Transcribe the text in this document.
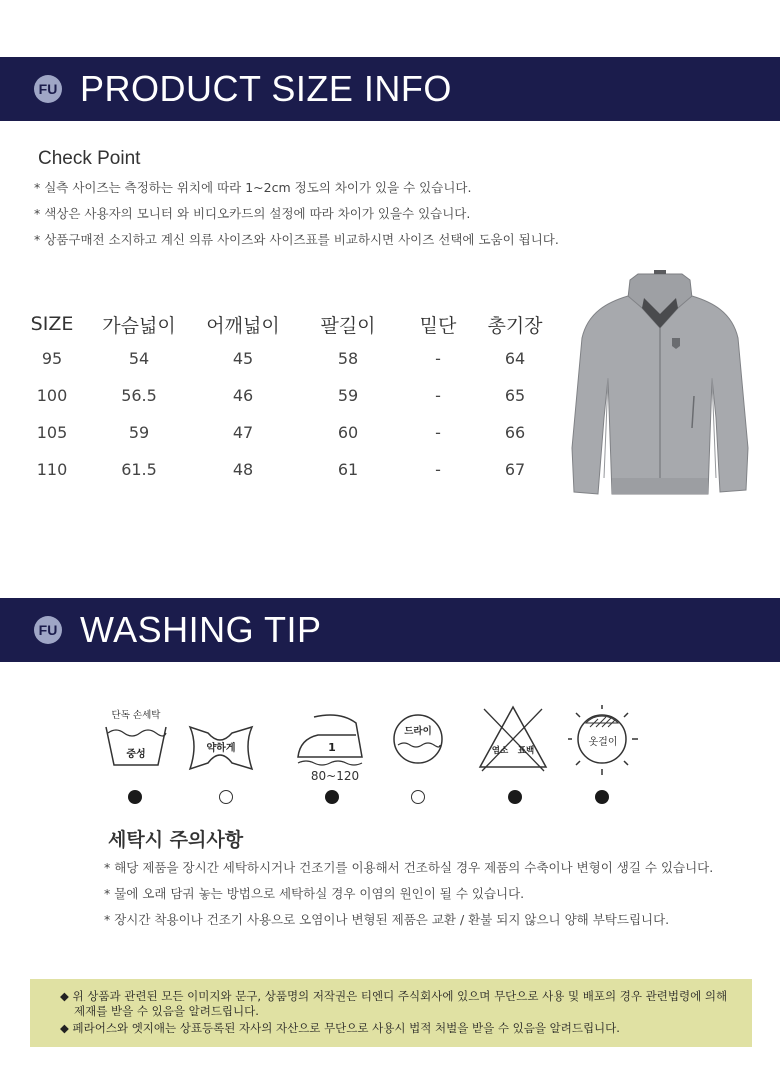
FU PRODUCT SIZE INFO
Check Point
* 실측 사이즈는 측정하는 위치에 따라 1~2cm 정도의 차이가 있을 수 있습니다.
* 색상은 사용자의 모니터 와 비디오카드의 설정에 따라 차이가 있을수 있습니다.
* 상품구매전 소지하고 계신 의류 사이즈와 사이즈표를 비교하시면 사이즈 선택에 도움이 됩니다.
SIZE	가슴넓이	어깨넓이	팔길이	밑단	총기장
95	54	45	58	-	64
100	56.5	46	59	-	65
105	59	47	60	-	66
110	61.5	48	61	-	67
FU WASHING TIP
단독 손세탁
중성
약하게	1
80~120
드라이
염소 표백
옷걸이
세탁시 주의사항
* 해당 제품을 장시간 세탁하시거나 건조기를 이용해서 건조하실 경우 제품의 수축이나 변형이 생길 수 있습니다.
* 물에 오래 담궈 놓는 방법으로 세탁하실 경우 이염의 원인이 될 수 있습니다.
* 장시간 착용이나 건조기 사용으로 오염이나 변형된 제품은 교환 / 환불 되지 않으니 양해 부탁드립니다.

◆ 위 상품과 관련된 모든 이미지와 문구, 상품명의 저작권은 티엔디 주식회사에 있으며 무단으로 사용 및 배포의 경우 관련법령에 의해

제재를 받을 수 있음을 알려드립니다.

◆ 페라어스와 엣지애는 상표등록된 자사의 자산으로 무단으로 사용시 법적 처벌을 받을 수 있음을 알려드립니다.
